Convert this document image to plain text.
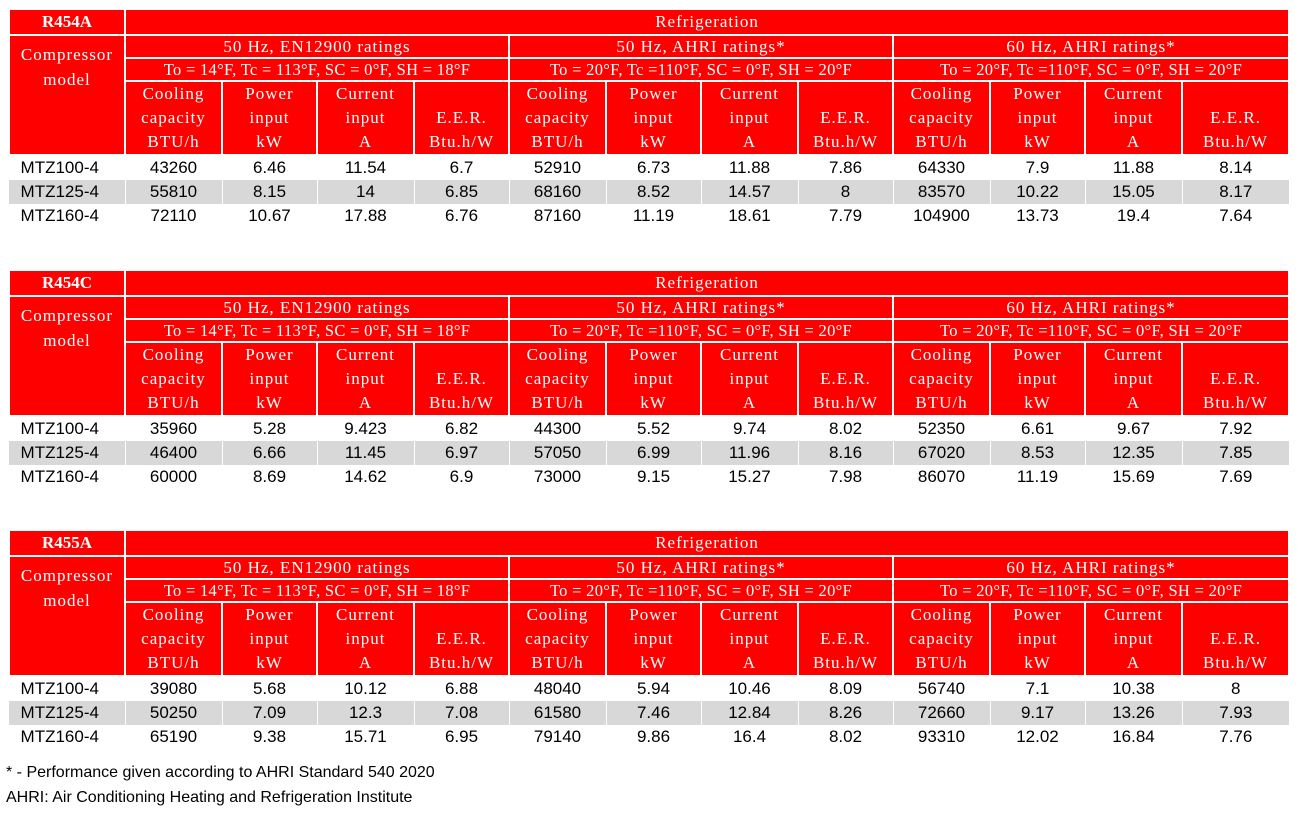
R454A	Refrigeration											

Compressor
model	50 Hz, EN12900 ratings				50 Hz, AHRI ratings*				60 Hz, AHRI ratings*			
	To = 14°F, Tc = 113°F, SC = 0°F, SH = 18°F				To = 20°F, Tc =110°F, SC = 0°F, SH = 20°F				To = 20°F, Tc =110°F, SC = 0°F, SH = 20°F			

	Cooling
capacity
BTU/h	Power
input
kW	Current
input
A	E.E.R.
Btu.h/W	Cooling
capacity
BTU/h	Power
input
kW	Current
input
A	E.E.R.
Btu.h/W	Cooling
capacity
BTU/h	Power
input
kW	Current
input
A	E.E.R.
Btu.h/W

MTZ100-4	43260	6.46	11.54	6.7	52910	6.73	11.88	7.86	64330	7.9	11.88	8.14
MTZ125-4	55810	8.15	14	6.85	68160	8.52	14.57	8	83570	10.22	15.05	8.17
MTZ160-4	72110	10.67	17.88	6.76	87160	11.19	18.61	7.79	104900	13.73	19.4	7.64
R454C	Refrigeration											

Compressor
model	50 Hz, EN12900 ratings				50 Hz, AHRI ratings*				60 Hz, AHRI ratings*			
	To = 14°F, Tc = 113°F, SC = 0°F, SH = 18°F				To = 20°F, Tc =110°F, SC = 0°F, SH = 20°F				To = 20°F, Tc =110°F, SC = 0°F, SH = 20°F			

	Cooling
capacity
BTU/h	Power
input
kW	Current
input
A	E.E.R.
Btu.h/W	Cooling
capacity
BTU/h	Power
input
kW	Current
input
A	E.E.R.
Btu.h/W	Cooling
capacity
BTU/h	Power
input
kW	Current
input
A	E.E.R.
Btu.h/W

MTZ100-4	35960	5.28	9.423	6.82	44300	5.52	9.74	8.02	52350	6.61	9.67	7.92
MTZ125-4	46400	6.66	11.45	6.97	57050	6.99	11.96	8.16	67020	8.53	12.35	7.85
MTZ160-4	60000	8.69	14.62	6.9	73000	9.15	15.27	7.98	86070	11.19	15.69	7.69
R455A	Refrigeration											

Compressor
model	50 Hz, EN12900 ratings				50 Hz, AHRI ratings*				60 Hz, AHRI ratings*			
	To = 14°F, Tc = 113°F, SC = 0°F, SH = 18°F				To = 20°F, Tc =110°F, SC = 0°F, SH = 20°F				To = 20°F, Tc =110°F, SC = 0°F, SH = 20°F			

	Cooling
capacity
BTU/h	Power
input
kW	Current
input
A	E.E.R.
Btu.h/W	Cooling
capacity
BTU/h	Power
input
kW	Current
input
A	E.E.R.
Btu.h/W	Cooling
capacity
BTU/h	Power
input
kW	Current
input
A	E.E.R.
Btu.h/W

MTZ100-4	39080	5.68	10.12	6.88	48040	5.94	10.46	8.09	56740	7.1	10.38	8
MTZ125-4	50250	7.09	12.3	7.08	61580	7.46	12.84	8.26	72660	9.17	13.26	7.93
MTZ160-4	65190	9.38	15.71	6.95	79140	9.86	16.4	8.02	93310	12.02	16.84	7.76
* - Performance given according to AHRI Standard 540 2020
AHRI: Air Conditioning Heating and Refrigeration Institute
